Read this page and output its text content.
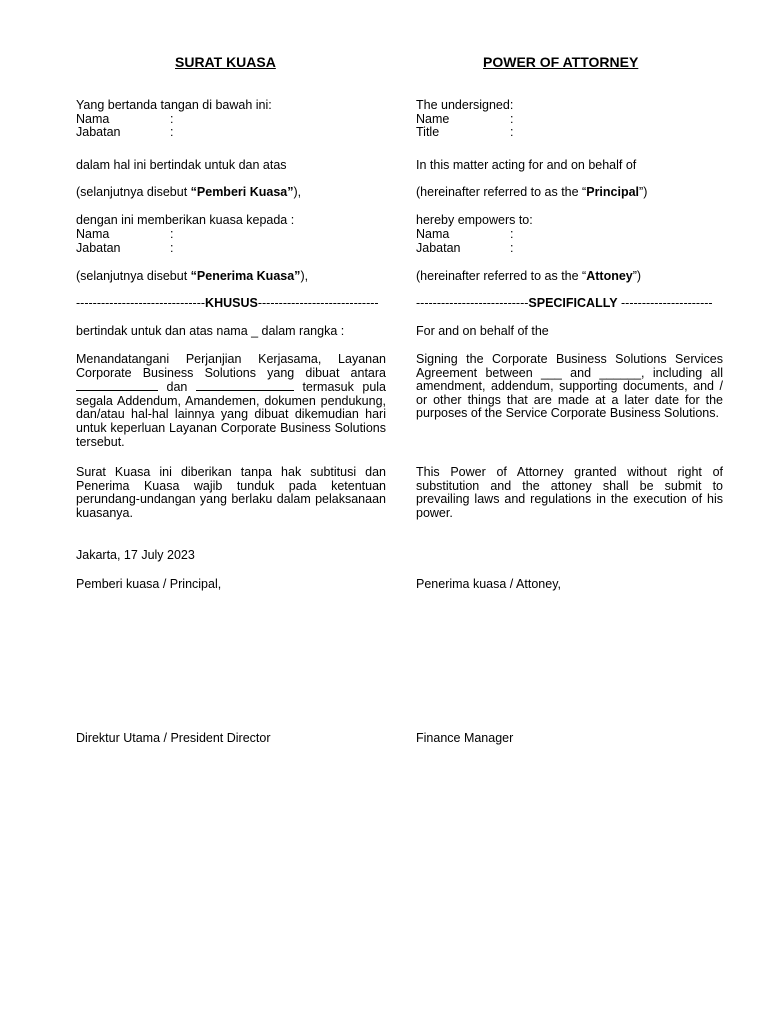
SURAT KUASA	POWER OF ATTORNEY
Yang bertanda tangan di bawah ini:
Nama	:
Jabatan	:
dalam hal ini bertindak untuk dan atas
(selanjutnya disebut “Pemberi Kuasa”),
dengan ini memberikan kuasa kepada :
Nama	:
Jabatan	:
(selanjutnya disebut “Penerima Kuasa”),
-------------------------------KHUSUS-----------------------------
bertindak untuk dan atas nama _ dalam rangka :
Menandatangani Perjanjian Kerjasama, Layanan Corporate Business Solutions yang dibuat antara  dan	termasuk pula segala Addendum, Amandemen, dokumen pendukung, dan/atau hal-hal lainnya yang dibuat dikemudian hari untuk keperluan Layanan Corporate Business Solutions tersebut.
Surat Kuasa ini diberikan tanpa hak subtitusi dan Penerima Kuasa wajib tunduk pada ketentuan perundang-undangan yang berlaku dalam pelaksanaan kuasanya.
Jakarta, 17 July 2023
Pemberi kuasa / Principal,
Direktur Utama / President Director
The undersigned:
Name	:
Title	:
In this matter acting for and on behalf of
(hereinafter referred to as the “Principal”)
hereby empowers to:
Nama	:
Jabatan	:
(hereinafter referred to as the “Attoney”)
---------------------------SPECIFICALLY ----------------------
For and on behalf of the
Signing the Corporate Business Solutions Services Agreement between ___ and ______, including all amendment, addendum, supporting documents, and / or other things that are made at a later date for the purposes of the Service Corporate Business Solutions.
This Power of Attorney granted without right of substitution and the attoney shall be submit to prevailing laws and regulations in the execution of his power.
Penerima kuasa / Attoney,
Finance Manager
